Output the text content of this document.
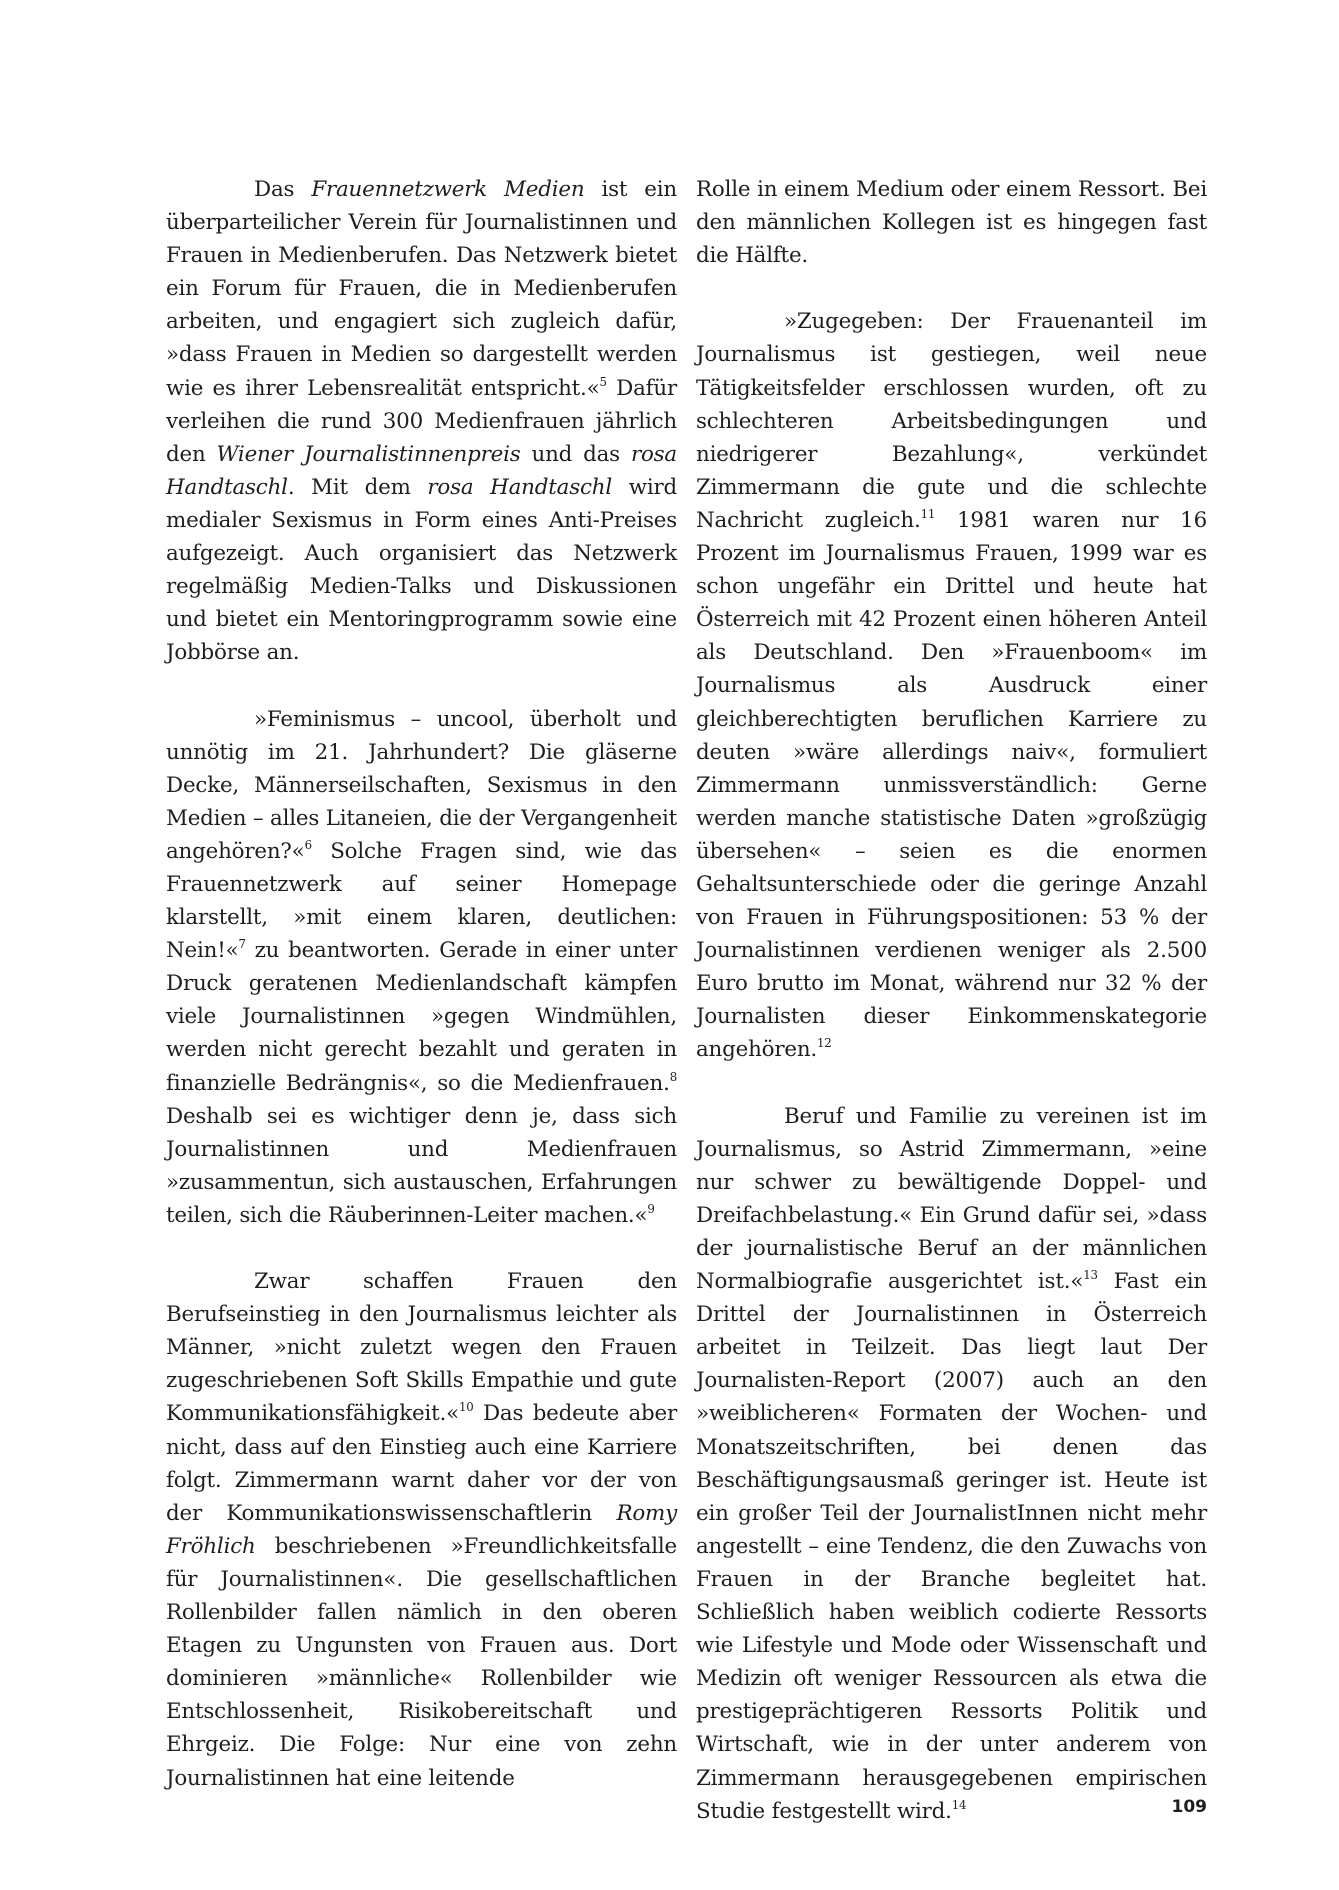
Das Frauennetzwerk Medien ist ein überparteilicher Verein für Journalistinnen und Frauen in Medienberufen. Das Netzwerk bietet ein Forum für Frauen, die in Medienberufen arbeiten, und engagiert sich zugleich dafür, »dass Frauen in Medien so dargestellt werden wie es ihrer Lebensrealität entspricht.«$^5$ Dafür verleihen die rund 300 Medienfrauen jährlich den Wiener Journalistinnenpreis und das rosa Handtaschl. Mit dem rosa Handtaschl wird medialer Sexismus in Form eines Anti-Preises aufgezeigt. Auch organisiert das Netzwerk regelmäßig Medien-Talks und Diskussionen und bietet ein Mentoringprogramm sowie eine Jobbörse an.

»Feminismus – uncool, überholt und unnötig im 21. Jahrhundert? Die gläserne Decke, Männerseilschaften, Sexismus in den Medien – alles Litaneien, die der Vergangenheit angehören?«$^6$ Solche Fragen sind, wie das Frauennetzwerk auf seiner Homepage klarstellt, »mit einem klaren, deutlichen: Nein!«$^7$ zu beantworten. Gerade in einer unter Druck geratenen Medienlandschaft kämpfen viele Journalistinnen »gegen Windmühlen, werden nicht gerecht bezahlt und geraten in finanzielle Bedrängnis«, so die Medienfrauen.$^8$ Deshalb sei es wichtiger denn je, dass sich Journalistinnen und Medienfrauen »zusammentun, sich austauschen, Erfahrungen teilen, sich die Räuberinnen-Leiter machen.«$^9$

Zwar schaffen Frauen den Berufseinstieg in den Journalismus leichter als Männer, »nicht zuletzt wegen den Frauen zugeschriebenen Soft Skills Empathie und gute Kommunikationsfähigkeit.«$^{10}$ Das bedeute aber nicht, dass auf den Einstieg auch eine Karriere folgt. Zimmermann warnt daher vor der von der Kommunikationswissenschaftlerin Romy Fröhlich beschriebenen »Freundlichkeitsfalle für Journalistinnen«. Die gesellschaftlichen Rollenbilder fallen nämlich in den oberen Etagen zu Ungunsten von Frauen aus. Dort dominieren »männliche« Rollenbilder wie Entschlossenheit, Risikobereitschaft und Ehrgeiz. Die Folge: Nur eine von zehn Journalistinnen hat eine leitende

Rolle in einem Medium oder einem Ressort. Bei den männlichen Kollegen ist es hingegen fast die Hälfte.

»Zugegeben: Der Frauenanteil im Journalismus ist gestiegen, weil neue Tätigkeitsfelder erschlossen wurden, oft zu schlechteren Arbeitsbedingungen und niedrigerer Bezahlung«, verkündet Zimmermann die gute und die schlechte Nachricht zugleich.$^{11}$ 1981 waren nur 16 Prozent im Journalismus Frauen, 1999 war es schon ungefähr ein Drittel und heute hat Österreich mit 42 Prozent einen höheren Anteil als Deutschland. Den »Frauenboom« im Journalismus als Ausdruck einer gleichberechtigten beruflichen Karriere zu deuten »wäre allerdings naiv«, formuliert Zimmermann unmissverständlich: Gerne werden manche statistische Daten »großzügig übersehen« – seien es die enormen Gehaltsunterschiede oder die geringe Anzahl von Frauen in Führungspositionen: 53 % der Journalistinnen verdienen weniger als 2.500 Euro brutto im Monat, während nur 32 % der Journalisten dieser Einkommenskategorie angehören.$^{12}$

Beruf und Familie zu vereinen ist im Journalismus, so Astrid Zimmermann, »eine nur schwer zu bewältigende Doppel- und Dreifachbelastung.« Ein Grund dafür sei, »dass der journalistische Beruf an der männlichen Normalbiografie ausgerichtet ist.«$^{13}$ Fast ein Drittel der Journalistinnen in Österreich arbeitet in Teilzeit. Das liegt laut Der Journalisten-Report (2007) auch an den »weiblicheren« Formaten der Wochen- und Monatszeitschriften, bei denen das Beschäftigungsausmaß geringer ist. Heute ist ein großer Teil der JournalistInnen nicht mehr angestellt – eine Tendenz, die den Zuwachs von Frauen in der Branche begleitet hat. Schließlich haben weiblich codierte Ressorts wie Lifestyle und Mode oder Wissenschaft und Medizin oft weniger Ressourcen als etwa die prestigeprächtigeren Ressorts Politik und Wirtschaft, wie in der unter anderem von Zimmermann herausgegebenen empirischen Studie festgestellt wird.$^{14}$	109
